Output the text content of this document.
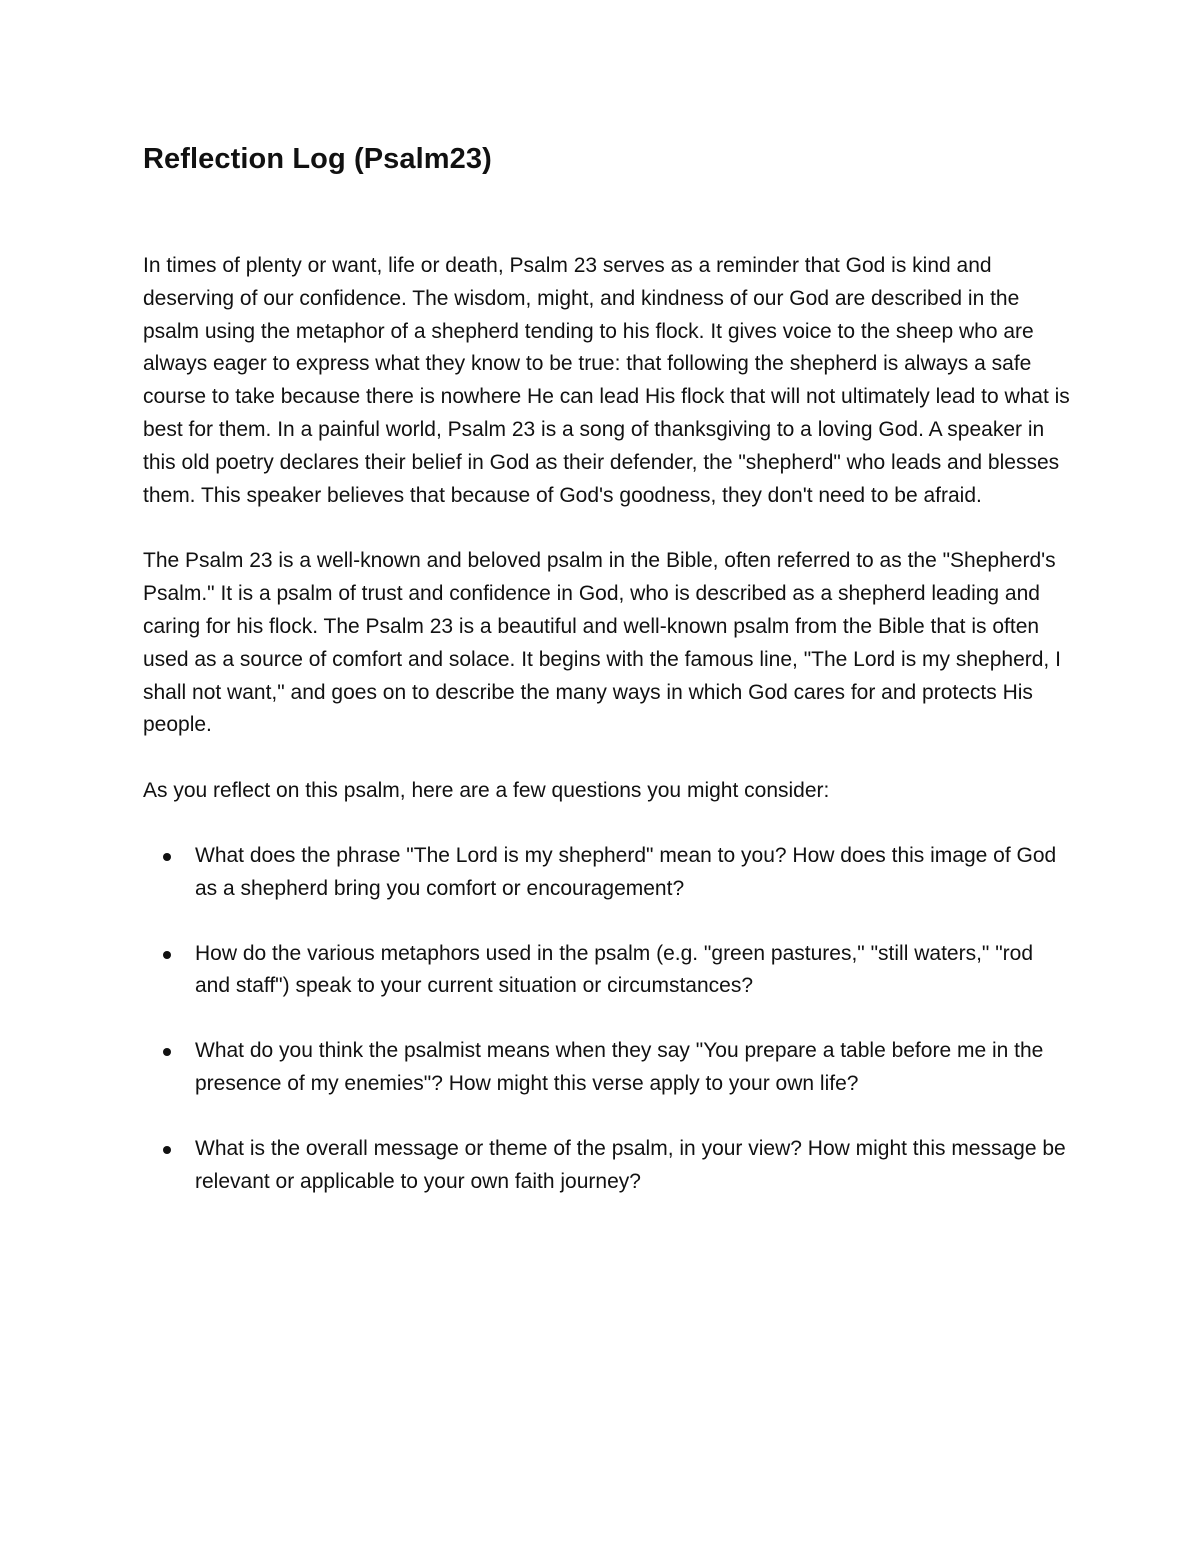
Reflection Log (Psalm23)

In times of plenty or want, life or death, Psalm 23 serves as a reminder that God is kind and deserving of our confidence. The wisdom, might, and kindness of our God are described in the psalm using the metaphor of a shepherd tending to his flock. It gives voice to the sheep who are always eager to express what they know to be true: that following the shepherd is always a safe course to take because there is nowhere He can lead His flock that will not ultimately lead to what is best for them. In a painful world, Psalm 23 is a song of thanksgiving to a loving God. A speaker in this old poetry declares their belief in God as their defender, the "shepherd" who leads and blesses them. This speaker believes that because of God's goodness, they don't need to be afraid.

The Psalm 23 is a well-known and beloved psalm in the Bible, often referred to as the "Shepherd's Psalm." It is a psalm of trust and confidence in God, who is described as a shepherd leading and caring for his flock. The Psalm 23 is a beautiful and well-known psalm from the Bible that is often used as a source of comfort and solace. It begins with the famous line, "The Lord is my shepherd, I shall not want," and goes on to describe the many ways in which God cares for and protects His people.

As you reflect on this psalm, here are a few questions you might consider:

What does the phrase "The Lord is my shepherd" mean to you? How does this image of God as a shepherd bring you comfort or encouragement?
How do the various metaphors used in the psalm (e.g. "green pastures," "still waters," "rod and staff") speak to your current situation or circumstances?
What do you think the psalmist means when they say "You prepare a table before me in the presence of my enemies"? How might this verse apply to your own life?
What is the overall message or theme of the psalm, in your view? How might this message be relevant or applicable to your own faith journey?
